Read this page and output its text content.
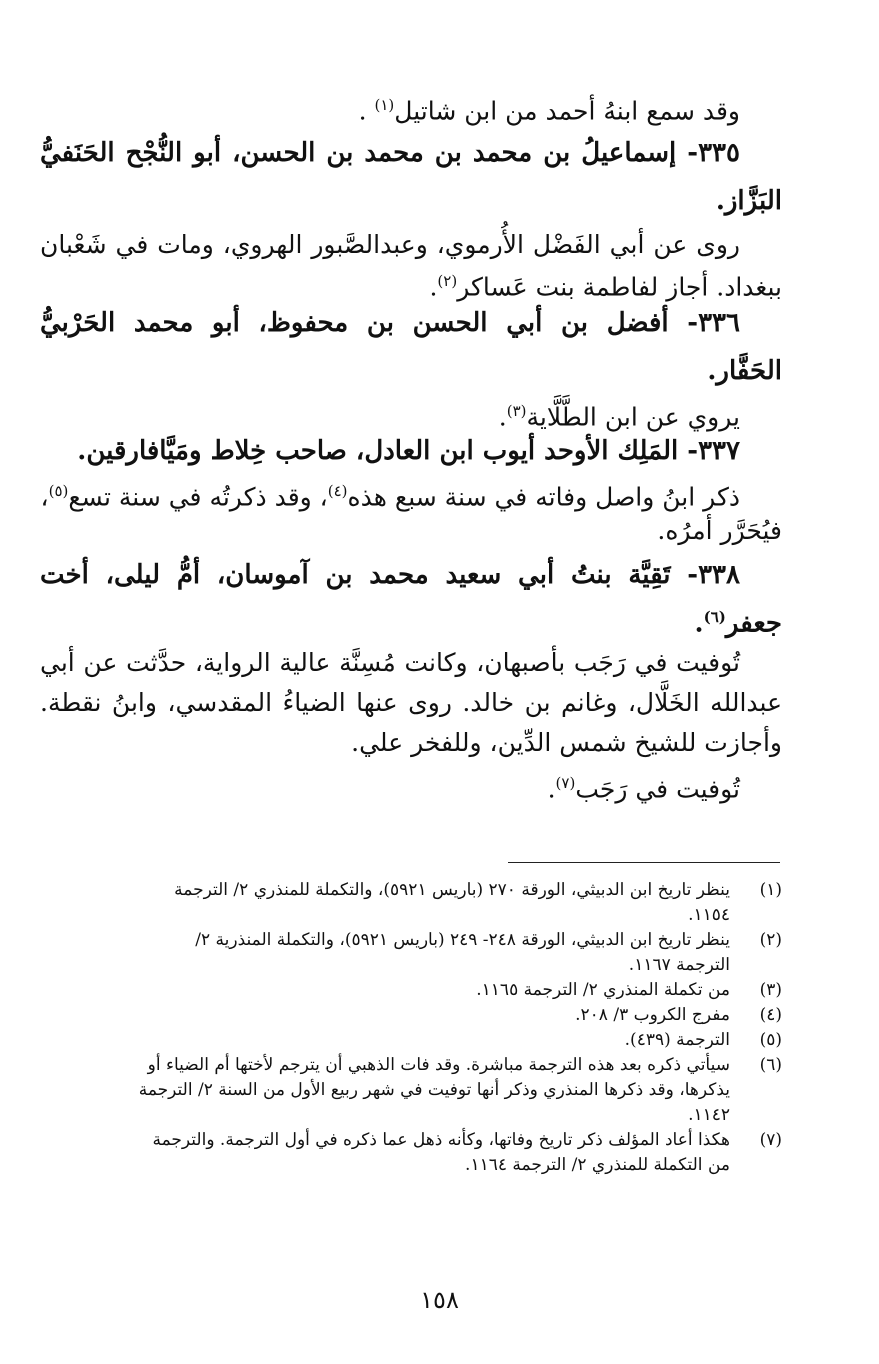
وقد سمع ابنهُ أحمد من ابن شاتيل$^{(١)}$ .
٣٣٥- إسماعيلُ بن محمد بن محمد بن الحسن، أبو النُّجْح الحَنَفيُّ
البَزَّاز.
روى عن أبي الفَضْل الأُرموي، وعبدالصَّبور الهروي، ومات في شَعْبان
ببغداد. أجاز لفاطمة بنت عَساكر$^{(٢)}$.
٣٣٦- أفضل بن أبي الحسن بن محفوظ، أبو محمد الحَرْبيُّ
الحَفَّار.
يروي عن ابن الطَّلَّاية$^{(٣)}$.
٣٣٧- المَلِك الأوحد أيوب ابن العادل، صاحب خِلاط ومَيَّافارقين.
ذكر ابنُ واصل وفاته في سنة سبع هذه$^{(٤)}$، وقد ذكرتُه في سنة تسع$^{(٥)}$،
فيُحَرَّر أمرُه.
٣٣٨- تَقِيَّة بنتُ أبي سعيد محمد بن آموسان، أمُّ ليلى، أخت
جعفر$^{(٦)}$.
تُوفيت في رَجَب بأصبهان، وكانت مُسِنَّة عالية الرواية، حدَّثت عن أبي
عبدالله الخَلَّال، وغانم بن خالد. روى عنها الضياءُ المقدسي، وابنُ نقطة.
وأجازت للشيخ شمس الدِّين، وللفخر علي.
تُوفيت في رَجَب$^{(٧)}$.
(١)
ينظر تاريخ ابن الدبيثي، الورقة ٢٧٠ (باريس ٥٩٢١)، والتكملة للمنذري ٢/ الترجمة
١١٥٤.
(٢)
ينظر تاريخ ابن الدبيثي، الورقة ٢٤٨- ٢٤٩ (باريس ٥٩٢١)، والتكملة المنذرية ٢/
الترجمة ١١٦٧.
(٣)
من تكملة المنذري ٢/ الترجمة ١١٦٥.
(٤)
مفرج الكروب ٣/ ٢٠٨.
(٥)
الترجمة (٤٣٩).
(٦)
سيأتي ذكره بعد هذه الترجمة مباشرة. وقد فات الذهبي أن يترجم لأختها أم الضياء أو
يذكرها، وقد ذكرها المنذري وذكر أنها توفيت في شهر ربيع الأول من السنة ٢/ الترجمة
١١٤٢.
(٧)
هكذا أعاد المؤلف ذكر تاريخ وفاتها، وكأنه ذهل عما ذكره في أول الترجمة. والترجمة
من التكملة للمنذري ٢/ الترجمة ١١٦٤.
١٥٨
